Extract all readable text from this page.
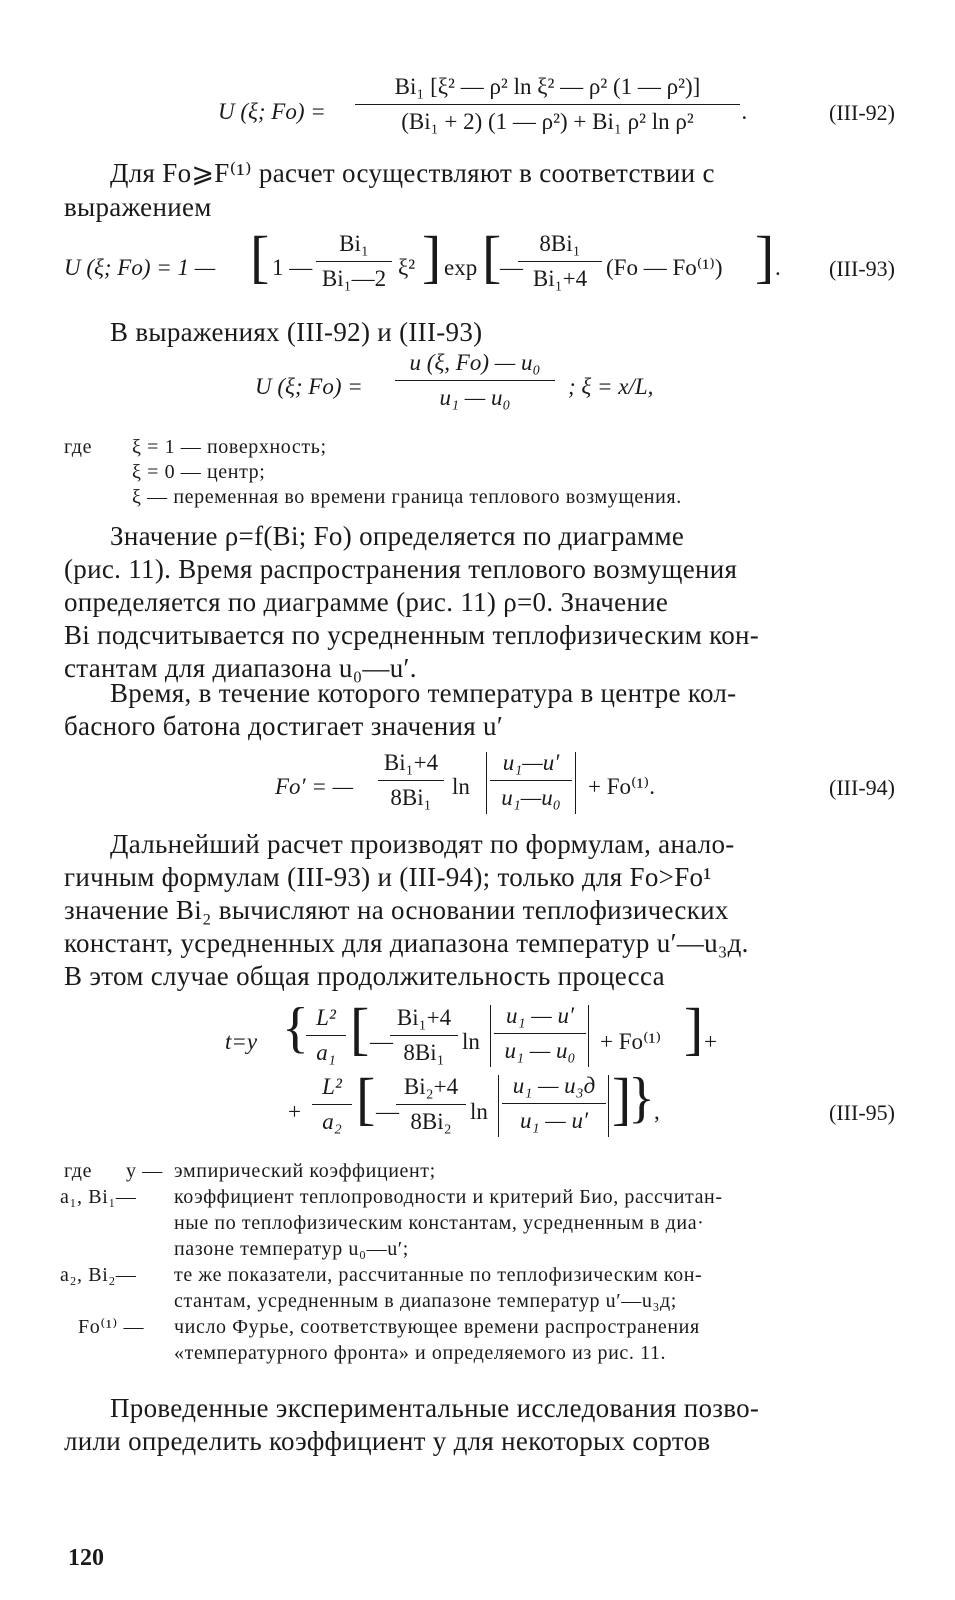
U (ξ; $Fo) = \frac{\text{Bi₁ [ξ² — ρ² ln ξ² — ρ² (1 — ρ²)]}}{\text{(Bi₁ + 2) (1 — ρ²) + Bi₁ ρ² ln ρ²}}$ .	(III-92)
Для Fo⩾F⁽¹⁾ расчет осуществляют в соответствии с
выражением
U (ξ; Fo) = 1 — [ 1 — $\frac{\text{Bi₁}}{\text{Bi₁—2}} \xi^2$ ] exp [
—
$\frac{\text{8Bi₁}}{\text{Bi₁+4}} (Fo$ — Fo⁽¹⁾) ] . (III-93)
В выражениях (III-92) и (III-93)
U (ξ; $Fo) = \frac{\text{u (ξ, Fo) — u₀}}{\text{u₁ — u₀}}$ ; ξ = x/L,
где ξ = 1 — поверхность;
ξ = 0 — центр;
ξ — переменная во времени граница теплового возмущения.
Значение ρ=f(Bi; Fo) определяется по диаграмме
(рис. 11). Время распространения теплового возмущения
определяется по диаграмме (рис. 11) ρ=0. Значение
Bi подсчитывается по усредненным теплофизическим кон-
стантам для диапазона u₀—u′.
Время, в течение которого температура в центре кол-
басного батона достигает значения u′
Fo′ = — $\frac{\text{Bi₁+4}}{\text{8Bi₁}}$ $\ln \frac{\text{u₁—u′}}{\text{u₁—u₀}} + Fo^{(1)}$.	(III-94)
Дальнейший расчет производят по формулам, анало-
гичным формулам (III-93) и (III-94); только для Fo>Fo¹
значение Bi₂ вычисляют на основании теплофизических
констант, усредненных для диапазона температур u′—u₃д.
В этом случае общая продолжительность процесса
t=y {
$\frac{\text{L²}}{\text{a₁}}$ [ —
$\frac{\text{Bi₁+4}}{\text{8Bi₁}}$ $\ln \frac{\text{u₁ — u′}}{\text{u₁ — u₀}} + Fo^{(1)}$ ] +
+ $\frac{\text{L²}}{\text{a₂}}$ [ —
$\frac{\text{Bi₂+4}}{\text{8Bi₂}}$ ln
u₁ — u₃д
u₁ — u′ ]
} ,	(III-95)
где y — эмпирический коэффициент;
a₁, Bi₁— коэффициент теплопроводности и критерий Био, рассчитан-
ные по теплофизическим константам, усредненным в диа·
пазоне температур u₀—u′;
a₂, Bi₂— те же показатели, рассчитанные по теплофизическим кон-
стантам, усредненным в диапазоне температур u′—u₃д;
Fo⁽¹⁾ — число Фурье, соответствующее времени распространения
«температурного фронта» и определяемого из рис. 11.
Проведенные экспериментальные исследования позво-
лили определить коэффициент y для некоторых сортов
120
